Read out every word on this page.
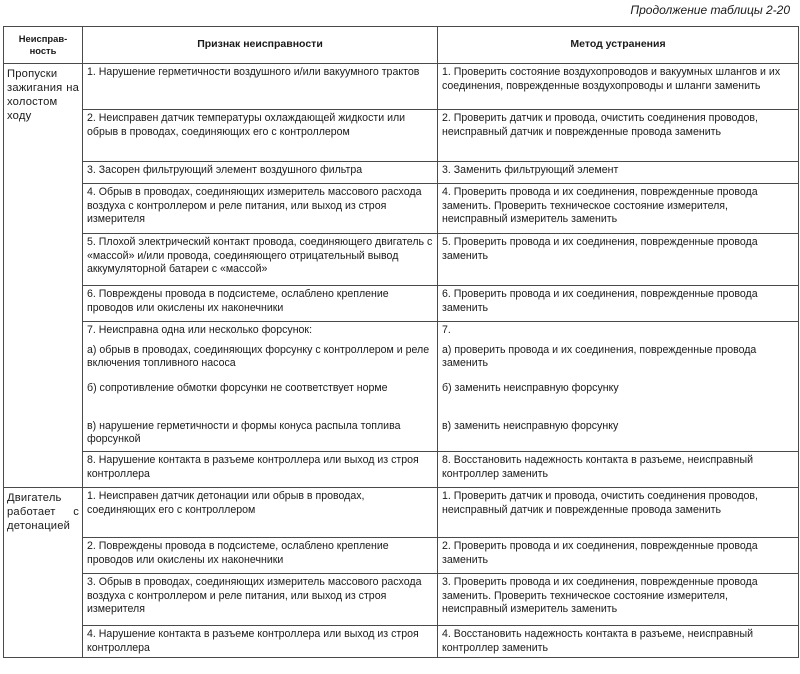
Продолжение таблицы 2-20
Неисправ-ность	Признак неисправности	Метод устранения
Пропуски зажигания на холостом ходу	1. Нарушение герметичности воздушного и/или вакуумного трактов	1. Проверить состояние воздухопроводов и вакуумных шлангов и их соединения, поврежденные воздухопроводы и шланги заменить
	2. Неисправен датчик температуры охлаждающей жидкости или обрыв в проводах, соединяющих его с контроллером	2. Проверить датчик и провода, очистить соединения проводов, неисправный датчик и поврежденные провода заменить
	3. Засорен фильтрующий элемент воздушного фильтра	3. Заменить фильтрующий элемент
	4. Обрыв в проводах, соединяющих измеритель массового расхода воздуха с контроллером и реле питания, или выход из строя измерителя	4. Проверить провода и их соединения, поврежденные провода заменить. Проверить техническое состояние измерителя, неисправный измеритель заменить
	5. Плохой электрический контакт провода, соединяющего двигатель с «массой» и/или провода, соединяющего отрицательный вывод аккумуляторной батареи с «массой»	5. Проверить провода и их соединения, поврежденные провода заменить
	6. Повреждены провода в подсистеме, ослаблено крепление проводов или окислены их наконечники	6. Проверить провода и их соединения, поврежденные провода заменить
	7. Неисправна одна или несколько форсунок:	7.
	а) обрыв в проводах, соединяющих форсунку с контроллером и реле включения топливного насоса	а) проверить провода и их соединения, поврежденные провода заменить
	б) сопротивление обмотки форсунки не соответствует норме	б) заменить неисправную форсунку
	в) нарушение герметичности и формы конуса распыла топлива форсункой	в) заменить неисправную форсунку
	8. Нарушение контакта в разъеме контроллера или выход из строя контроллера	8. Восстановить надежность контакта в разъеме, неисправный контроллер заменить
Двигатель работает с детонацией	1. Неисправен датчик детонации или обрыв в проводах, соединяющих его с контроллером	1. Проверить датчик и провода, очистить соединения проводов, неисправный датчик и поврежденные провода заменить
	2. Повреждены провода в подсистеме, ослаблено крепление проводов или окислены их наконечники	2. Проверить провода и их соединения, поврежденные провода заменить
	3. Обрыв в проводах, соединяющих измеритель массового расхода воздуха с контроллером и реле питания, или выход из строя измерителя	3. Проверить провода и их соединения, поврежденные провода заменить. Проверить техническое состояние измерителя, неисправный измеритель заменить
	4. Нарушение контакта в разъеме контроллера или выход из строя контроллера	4. Восстановить надежность контакта в разъеме, неисправный контроллер заменить
